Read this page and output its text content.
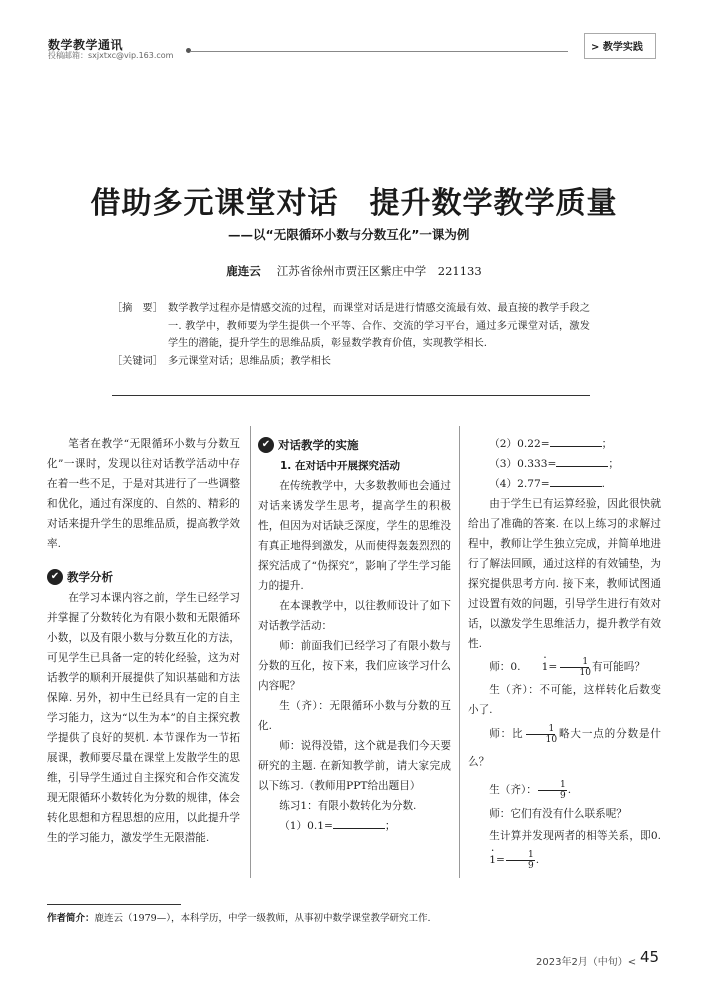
数学教学通讯
投稿邮箱：sxjxtxc@vip.163.com
> 教学实践
借助多元课堂对话　提升数学教学质量
——以“无限循环小数与分数互化”一课为例
鹿连云 江苏省徐州市贾汪区紫庄中学　221133
［摘　要］ 数学教学过程亦是情感交流的过程，而课堂对话是进行情感交流最有效、最直接的教学手段之一. 教学中，教师要为学生提供一个平等、合作、交流的学习平台，通过多元课堂对话，激发学生的潜能，提升学生的思维品质，彰显数学教育价值，实现教学相长.
［关键词］ 多元课堂对话；思维品质；教学相长

笔者在教学“无限循环小数与分数互化”一课时，发现以往对话教学活动中存在着一些不足，于是对其进行了一些调整和优化，通过有深度的、自然的、精彩的对话来提升学生的思维品质，提高教学效率.

✔ 教学分析

在学习本课内容之前，学生已经学习并掌握了分数转化为有限小数和无限循环小数，以及有限小数与分数互化的方法，可见学生已具备一定的转化经验，这为对话教学的顺利开展提供了知识基础和方法保障. 另外，初中生已经具有一定的自主学习能力，这为“以生为本”的自主探究教学提供了良好的契机. 本节课作为一节拓展课，教师要尽量在课堂上发散学生的思维，引导学生通过自主探究和合作交流发现无限循环小数转化为分数的规律，体会转化思想和方程思想的应用，以此提升学生的学习能力，激发学生无限潜能.

✔ 对话教学的实施
1. 在对话中开展探究活动

在传统教学中，大多数教师也会通过对话来诱发学生思考，提高学生的积极性，但因为对话缺乏深度，学生的思维没有真正地得到激发，从而使得轰轰烈烈的探究活成了“伪探究”，影响了学生学习能力的提升.

在本课教学中，以往教师设计了如下对话教学活动：

师：前面我们已经学习了有限小数与分数的互化，按下来，我们应该学习什么内容呢？

生（齐）：无限循环小数与分数的互化.

师：说得没错，这个就是我们今天要研究的主题. 在新知教学前，请大家完成以下练习.（教师用PPT给出题目）

练习1：有限小数转化为分数.

（1）0.1=	；

（2）0.22=	；

（3）0.333=	；

（4）2.77=	.

由于学生已有运算经验，因此很快就给出了准确的答案. 在以上练习的求解过程中，教师让学生独立完成，并简单地进行了解法回顾，通过这样的有效铺垫，为探究提供思考方向. 接下来，教师试图通过设置有效的问题，引导学生进行有效对话，以激发学生思维活力，提升教学有效性.

师：0. $1 \cdot= \frac{1}{10}$ 有可能吗？

生（齐）：不可能，这样转化后数变小了.

师：比 $\frac{1}{10}$ 略大一点的分数是什么？

生（齐）： $\frac{1}{9}$ .

师：它们有没有什么联系呢？

生计算并发现两者的相等关系，即$0.1 \cdot= \frac{1}{9}$ .

作者简介：鹿连云（1979—），本科学历，中学一级教师，从事初中数学课堂教学研究工作.
2023年2月（中旬）< 45
